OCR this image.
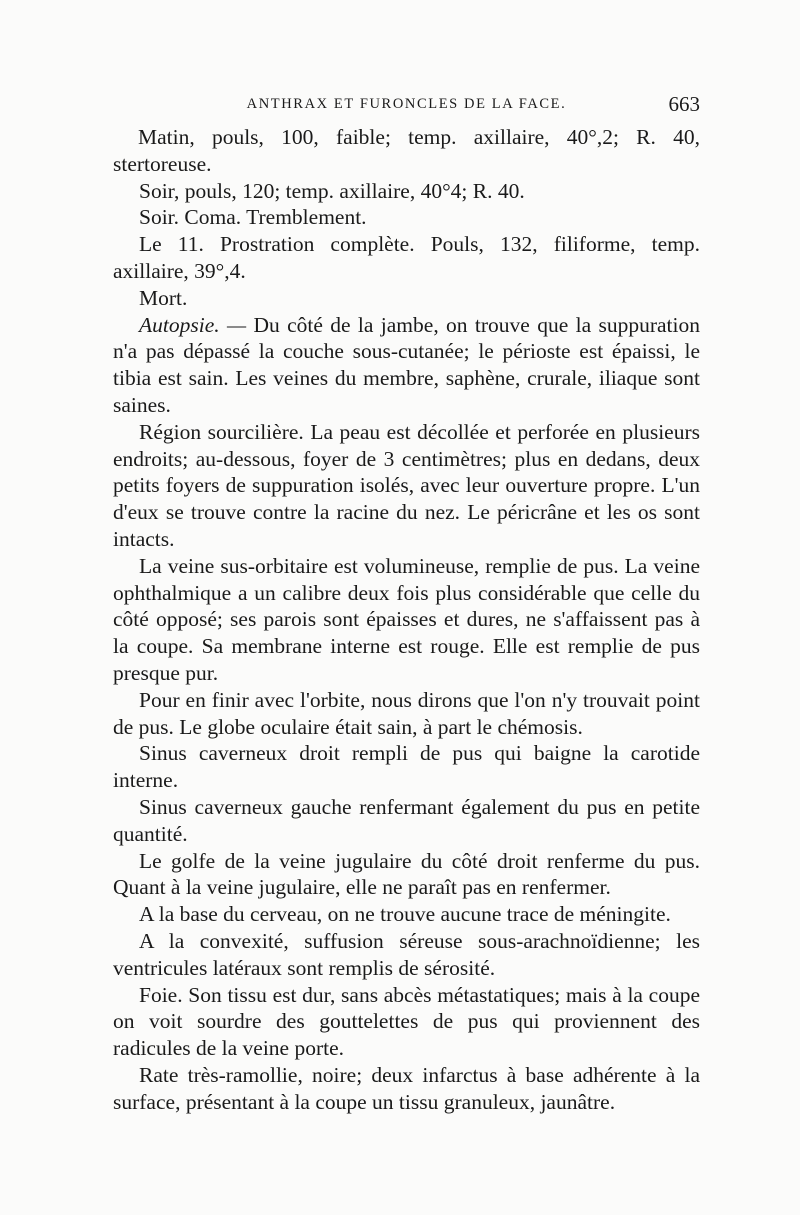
ANTHRAX ET FURONCLES DE LA FACE.	663

Matin, pouls, 100, faible; temp. axillaire, 40°,2; R. 40, stertoreuse.

Soir, pouls, 120; temp. axillaire, 40°4; R. 40.

Soir. Coma. Tremblement.

Le 11. Prostration complète. Pouls, 132, filiforme, temp. axillaire, 39°,4.

Mort.

Autopsie. — Du côté de la jambe, on trouve que la suppuration n'a pas dépassé la couche sous-cutanée; le périoste est épaissi, le tibia est sain. Les veines du membre, saphène, crurale, iliaque sont saines.

Région sourcilière. La peau est décollée et perforée en plusieurs endroits; au-dessous, foyer de 3 centimètres; plus en dedans, deux petits foyers de suppuration isolés, avec leur ouverture propre. L'un d'eux se trouve contre la racine du nez. Le péricrâne et les os sont intacts.

La veine sus-orbitaire est volumineuse, remplie de pus. La veine ophthalmique a un calibre deux fois plus considérable que celle du côté opposé; ses parois sont épaisses et dures, ne s'affaissent pas à la coupe. Sa membrane interne est rouge. Elle est remplie de pus presque pur.

Pour en finir avec l'orbite, nous dirons que l'on n'y trouvait point de pus. Le globe oculaire était sain, à part le chémosis.

Sinus caverneux droit rempli de pus qui baigne la carotide interne.

Sinus caverneux gauche renfermant également du pus en petite quantité.

Le golfe de la veine jugulaire du côté droit renferme du pus. Quant à la veine jugulaire, elle ne paraît pas en renfermer.

A la base du cerveau, on ne trouve aucune trace de méningite.

A la convexité, suffusion séreuse sous-arachnoïdienne; les ventricules latéraux sont remplis de sérosité.

Foie. Son tissu est dur, sans abcès métastatiques; mais à la coupe on voit sourdre des gouttelettes de pus qui proviennent des radicules de la veine porte.

Rate très-ramollie, noire; deux infarctus à base adhérente à la surface, présentant à la coupe un tissu granuleux, jaunâtre.
